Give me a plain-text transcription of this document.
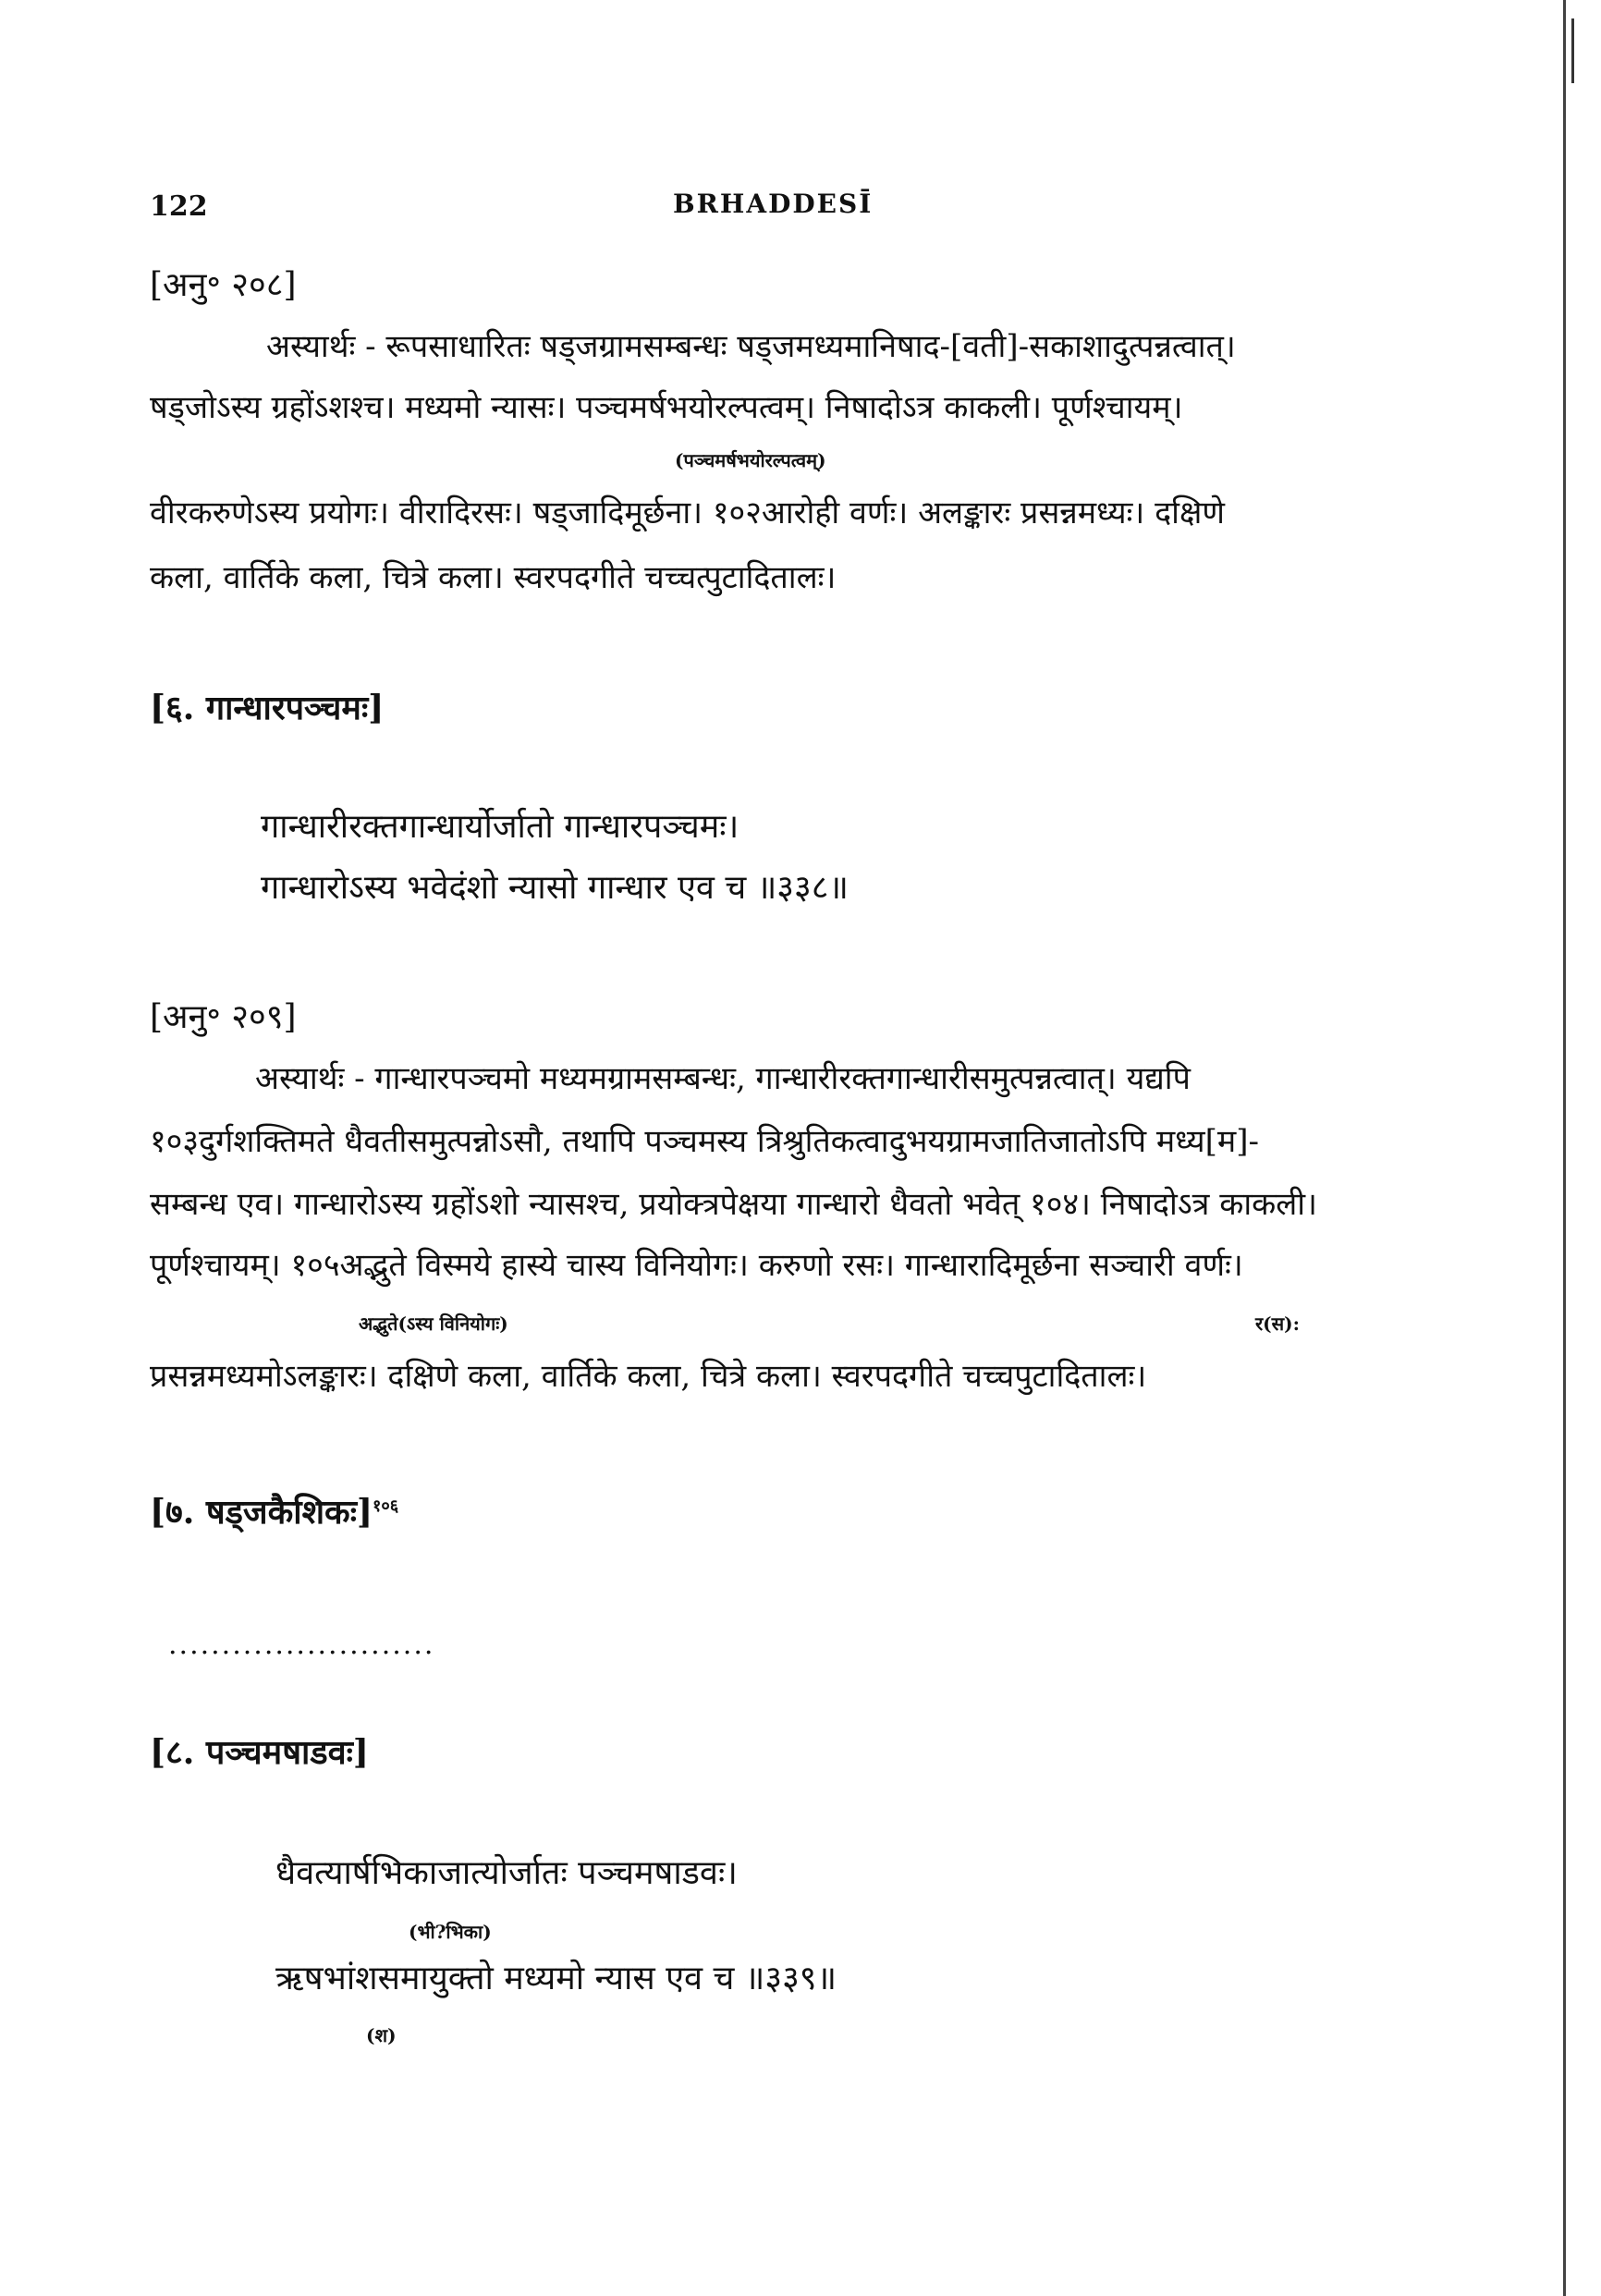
122	BRHADDESĪ
[अनु॰ २०८]
अस्यार्थः - रूपसाधारितः षड्जग्रामसम्बन्धः षड्जमध्यमानिषाद-[वती]-सकाशादुत्पन्नत्वात्।
षड्जोऽस्य ग्रहोंऽशश्च। मध्यमो न्यासः। पञ्चमर्षभयोरल्पत्वम्। निषादोऽत्र काकली। पूर्णश्चायम्।
(पञ्चमर्षभयोरल्पत्वम्)
वीरकरुणेऽस्य प्रयोगः। वीरादिरसः। षड्जादिमूर्छना। १०२आरोही वर्णः। अलङ्कारः प्रसन्नमध्यः। दक्षिणे
कला, वार्तिके कला, चित्रे कला। स्वरपदगीते चच्चत्पुटादितालः।
[६. गान्धारपञ्चमः]
गान्धारीरक्तगान्धार्योर्जातो गान्धारपञ्चमः।
गान्धारोऽस्य भवेदंशो न्यासो गान्धार एव च ॥३३८॥
[अनु॰ २०९]
अस्यार्थः - गान्धारपञ्चमो मध्यमग्रामसम्बन्धः, गान्धारीरक्तगान्धारीसमुत्पन्नत्वात्। यद्यपि
१०३दुर्गशक्तिमते धैवतीसमुत्पन्नोऽसौ, तथापि पञ्चमस्य त्रिश्रुतिकत्वादुभयग्रामजातिजातोऽपि मध्य[म]-
सम्बन्ध एव। गान्धारोऽस्य ग्रहोंऽशो न्यासश्च, प्रयोक्त्रपेक्षया गान्धारो धैवतो भवेत् १०४। निषादोऽत्र काकली।
पूर्णश्चायम्। १०५अद्भुते विस्मये हास्ये चास्य विनियोगः। करुणो रसः। गान्धारादिमूर्छना सञ्चारी वर्णः।
अद्भुते(ऽस्य विनियोगः)	र(स):
प्रसन्नमध्यमोऽलङ्कारः। दक्षिणे कला, वार्तिके कला, चित्रे कला। स्वरपदगीते चच्चपुटादितालः।
[७. षड्जकैशिकः]$^{१०६}$
.........................
[८. पञ्चमषाडवः]
धैवत्यार्षभिकाजात्योर्जातः पञ्चमषाडवः।
(भी?भिका)
ऋषभांशसमायुक्तो मध्यमो न्यास एव च ॥३३९॥
(श)
